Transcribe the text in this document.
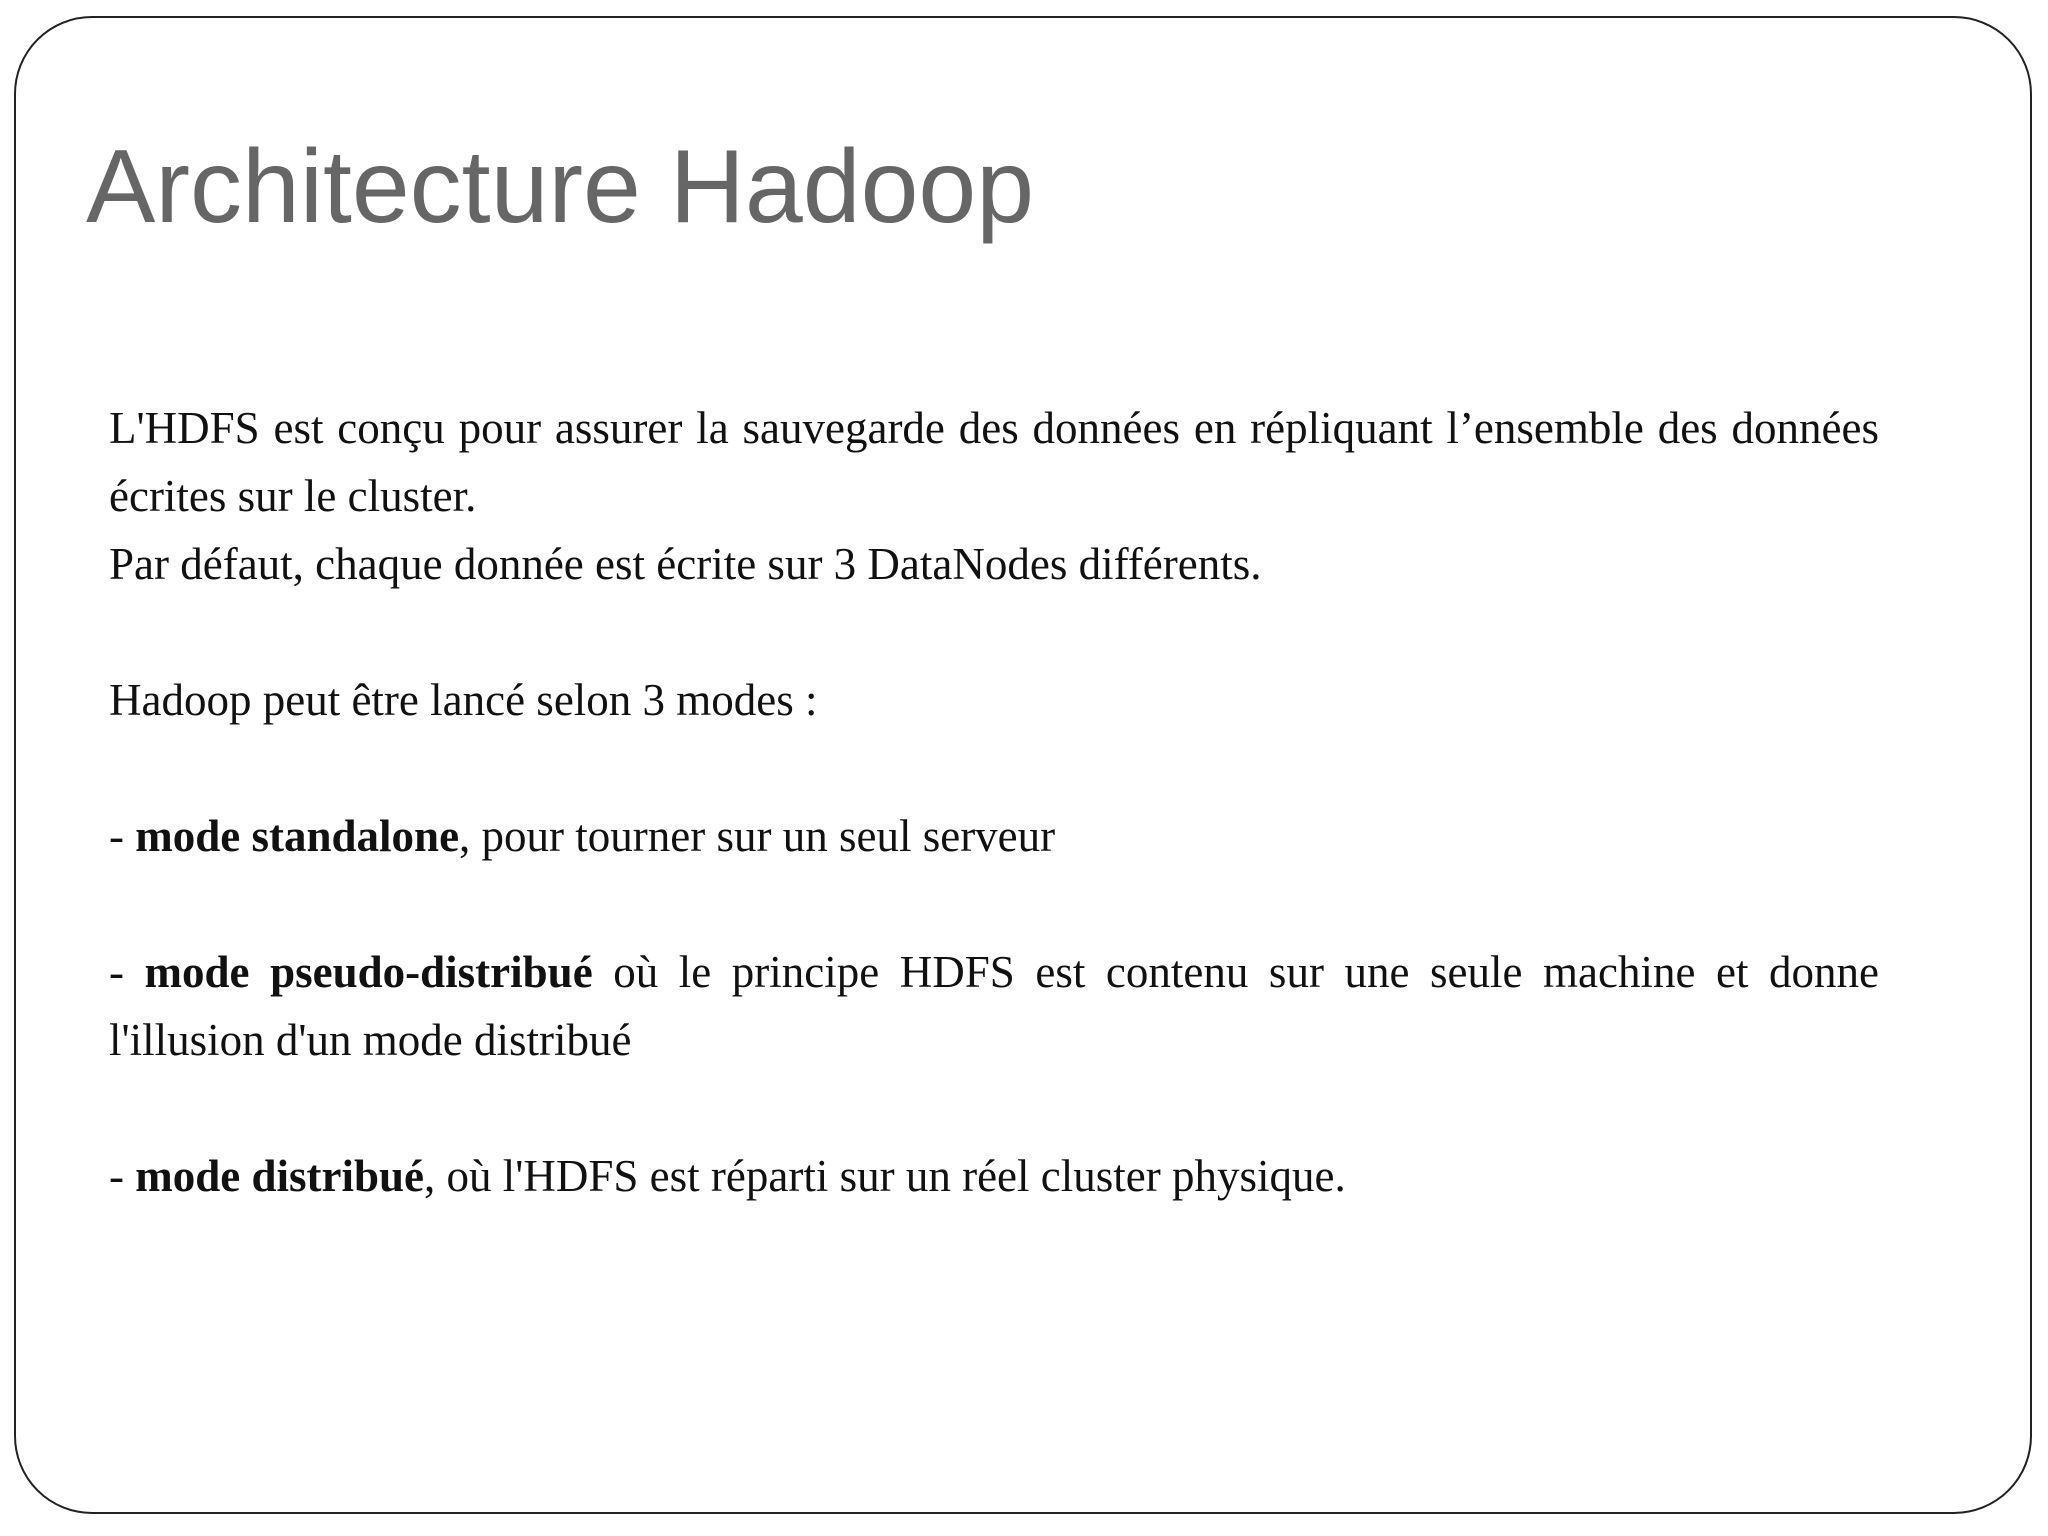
Architecture Hadoop

L'HDFS est conçu pour assurer la sauvegarde des données en répliquant l’ensemble des données écrites sur le cluster.

Par défaut, chaque donnée est écrite sur 3 DataNodes différents.

Hadoop peut être lancé selon 3 modes :

- mode standalone, pour tourner sur un seul serveur

- mode pseudo-distribué où le principe HDFS est contenu sur une seule machine et donne l'illusion d'un mode distribué

- mode distribué, où l'HDFS est réparti sur un réel cluster physique.
